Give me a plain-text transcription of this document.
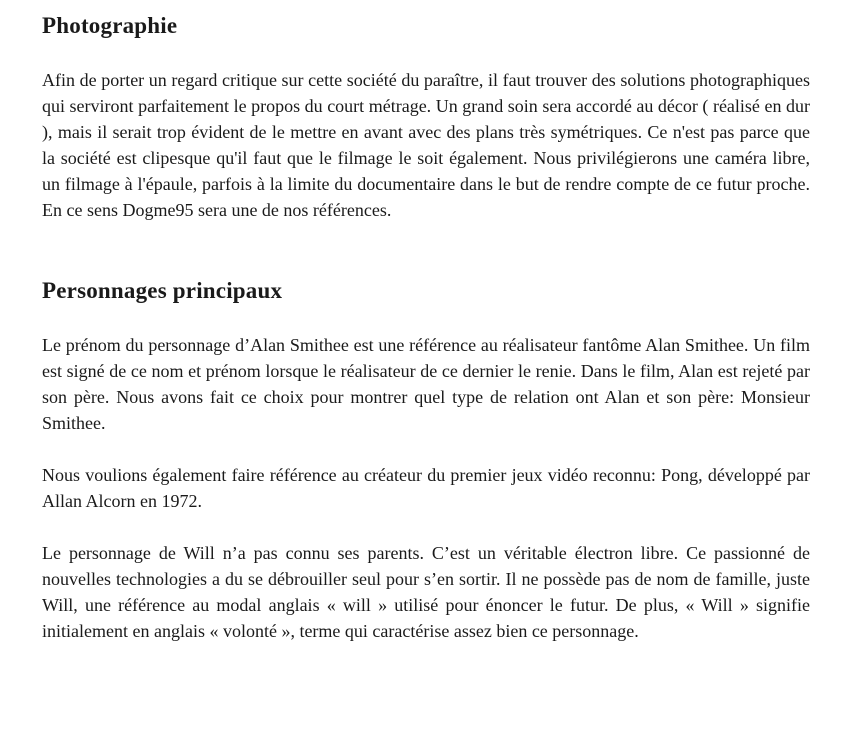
Photographie

Afin de porter un regard critique sur cette société du paraître, il faut trouver des solutions photographiques qui serviront parfaitement le propos du court métrage. Un grand soin sera accordé au décor ( réalisé en dur ), mais il serait trop évident de le mettre en avant avec des plans très symétriques. Ce n'est pas parce que la société est clipesque qu'il faut que le filmage le soit également. Nous privilégierons une caméra libre, un filmage à l'épaule, parfois à la limite du documentaire dans le but de rendre compte de ce futur proche. En ce sens Dogme95 sera une de nos références.

Personnages principaux

Le prénom du personnage d’Alan Smithee est une référence au réalisateur fantôme Alan Smithee. Un film est signé de ce nom et prénom lorsque le réalisateur de ce dernier le renie. Dans le film, Alan est rejeté par son père. Nous avons fait ce choix pour montrer quel type de relation ont Alan et son père: Monsieur Smithee.

Nous voulions également faire référence au créateur du premier jeux vidéo reconnu: Pong, développé par Allan Alcorn en 1972.

Le personnage de Will n’a pas connu ses parents. C’est un véritable électron libre. Ce passionné de nouvelles technologies a du se débrouiller seul pour s’en sortir. Il ne possède pas de nom de famille, juste Will, une référence au modal anglais « will » utilisé pour énoncer le futur. De plus, « Will » signifie initialement en anglais « volonté », terme qui caractérise assez bien ce personnage.
